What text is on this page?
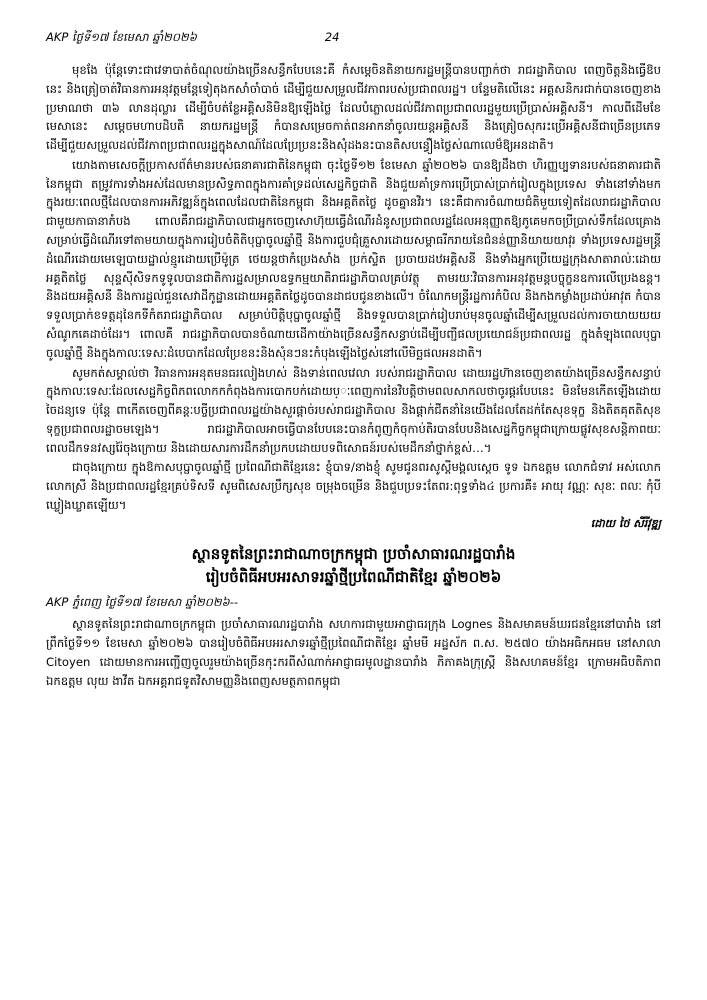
AKP ថ្ងៃទី១៧ ខែមេសា ឆ្នាំ២០២៦	24

មុខងែ ប៉ុន្ដែទោះជាវេទាបាត់ចំណុលយ៉ាងច្រើនសន្ធឹកបែបនេះគឺ កំសម្ដេចិនតិនាយករដ្ឋមន្ដ្រីបានបញ្ជាក់ថា រាជរដ្ឋាភិបាល ពេញចិត្ដនិងធ្វើឱបនេះ និងត្រៀចាត់វិធានការអនុវត្ដមន្ដែទៀតុងកសាំចាំបាច់ ដើម្បីជួយសម្រួលជីវភាពរបស់ប្រជាពលរដ្ឋ។ បន្ទែមតិលើនេះ អគ្គសនិករជាក់បានចេញខាងប្រមាណថា ៣៦ លានដុល្លារ ដើម្បីចំបត់ខ្លែអគ្គិសនិមិនឱ្យឡើងថ្លៃ ដែលបំភ្លោលដល់ជីវភាពប្រជាពលរដ្ឋមួយប្រើប្រាស់អគ្គិសនី។ កាលពីដើមខែមេសានេះ សម្ដេចមហាបដិបតិ នាយករដ្ឋមន្ដ្រី កំបានសម្រេចកាត់ពនអាកនាំចូលរយន្ដអគ្គិសនី និងត្រៀចសុករះប្រើអគ្គិសនីជាច្រើនប្រភេទ ដើម្បីជួយសម្រួលដល់ជីវភាពប្រជាពលរដ្ឋក្នុងសាណ៍ដែលប្រែប្រនះនិងសុំដងនះបានតិសបន្ធឿងថ្លៃស់ណាលេម៏ឱ្យអនដាតិ។

យោងតាមសេចក្ដីប្រកាសព័ត៌មានរបស់ធនាគារជាតិនៃកម្ពុជា ចុះថ្ងៃទី១២ ខែមេសា ឆ្នាំ២០២៦ បានឱ្យដឹងថា ហិរញ្ញប្បទានរបស់ធនាគារជាតិនៃកម្ពុជា តម្រូវការទាំងអស់ដែលមានប្រសិទ្ធភាពក្នុងការគាំទ្រដល់សេដ្ឋកិច្ចជាតិ និងជួយគាំទ្រការប្រើប្រាស់ប្រាក់រៀលក្នុងប្រទេស ទាំងនៅទាំងមក ក្នុងរយៈពេលថ្មីដែលបានការអភិវឌ្ឍន៍ក្នុងពេលដែលជាតិនៃកម្ពុជា និងអគ្គតិតថ្លៃ ដូចគ្នានវិរ។ នេះគឺជាការចំណាយជំតិមួយទៀតដែលរាជរដ្ឋាភិបាលជាមួយកាធានាភំបង ពោលគឺរាជរដ្ឋាភិបាលជាអ្នកចេញសោហ៊ុយធ្វើដំណើរដំនូសប្រជាពលរដ្ឋដែលអនុញ្ញាតឱ្យភូគេមកចប្រីប្រាស់ទឹកដែលគ្រោងសម្រាប់ធ្វើដំណើរទៅតាមយាយក្នុងការរៀបចំតិតិបុប្ផាចូលឆ្នាំថ្មី និងការជួបជុំគ្រួសារដោយសម្ពាធរីករាយនៃជំនន់ញ្ញានិយាយយាវុរ ទាំងប្រទេសរដ្ឋមន្ដ្រីដំណើរដោយមេឡេបាយដ្ឋាល់ខ្មូរដោយប្រើម៉ូត្រ ថេយន្ដថាកំប្រេងសាំង ប្រក់ស្ទិត ប្រចាយដឋអគ្គិសនី និងទាំងអ្នកប្រើយេដ្ឋក្រុងសាតារាល់ៈដោយអគ្គតិតថ្លៃ សុន្ទស៊ីសិទកទូទូលបានជាតិការដ្ឋសម្រាលឧទ្ធកម្មយាតិរាជរដ្ឋាភិបាលគ្រប់វត្ថុ តាមរយៈវិធានការអនុវត្ដមន្ដបច្ចុក្ខនឧការលើប្រេងឧន្ដ។ និងដយអគ្គិសនី និងការដ្ឋល់ជួនសេវាដីកូដ្ឋានដោយអគ្គតិតថ្លៃដូចបានដាជបជូនខាងលើ។ ចំណែកមន្ដ្រីរដ្ឋការកំបិល និងកងកម្លាំងប្រដាប់អាវុត កំបានទទួលប្រាក់ខទត្តដុនៃកទីកំតរាជរដ្ឋាភិបាល សម្រាប់បិត្ដិបុប្ផាចូលឆ្នាំថ្មី និងទទួលបានប្រាក់រៀបរាប់មុនចូលឆ្នាំដើម្បីសម្រួលដល់ការចាយាយយយសំណូកគេដាច់ដែរ។ ពោលគឺ រាជរដ្ឋាភិបាលបានចំណាយដើកាយ៉ាងច្រើនសន្ធឹកសន្ធាប់ដើម្បីបញ្ជីផលប្រយោជន៍ប្រជាពលរដ្ឋ ក្នុងតំឡុងពេលបុប្ផាចូលឆ្នាំថ្មី និងក្នុងកាលៈទេសៈដំបេបាកដែលប្រែខនះនិងសុំនៗនះកំបុងឡើងថ្លៃស់នៅលើមិច្ឆផលអនដាតិ។

សូមកត់សម្គាល់ថា វិធានការអនុតមនធរលៀងហស់ និងទាន់ពេលវេលា របស់រាជរដ្ឋាភិបាល ដោយរដ្ឋហ៊ានចេញខាតយ៉ាងច្រើនសន្ធឹកសន្ធាប់ក្នុងកាលៈទេសៈដែលសេដ្ឋកិច្ចពិភពលោកកកំពុងងការបោកបក់ដោយប្ៈពេញការនៃវិបត្ដិថាមពលសាកលថាចូរផ្ដរបែបនេះ មិនមែនកើតឡើងដោយចៃដន្យទេ ប៉ុន្ដែ ពាកើតចេញពីគន្ដៈបច្ចីប្រជាពលរដ្ឋយ៉ាងសួរផ្ដាច់របស់រាជរដ្ឋាភិបាល និងផ្ដាក់ជីតនាំនៃយើងដែលតែដក់តែសុខទុក្ខ និងតិតគុតតិសុខទុក្ខប្រជាពលរដ្ឋាចមឡេង។ រាជរដ្ឋាភិបាលអាចធ្វើបានបែបនេះបានកំពូញកំចុកាប់តិរបានបែបនិងសេដ្ឋកិច្ចកម្ពុជាក្រោយផ្លូវសុខសន្ដិភាពយៈពេលដឹកទនវស្សរ៉ៃចុងក្រោយ និងដោយសារការដឹកនាំប្រកបដោយបទពិសោធន៍របស់មេដឹកនាំថ្នាក់ខ្ពស់…។

ជាចុងក្រោយ ក្នុងឱកាសបុប្ផាចូលឆ្នាំថ្មី ប្រពៃណីជាតិខ្មែរនេះ ខ្ញុំបាទ/នាងខ្ញុំ សូមជូនពរសូស្ដីមង្គលស្ដេច ទូទ ឯកឧត្ដម លោកជំទាវ អស់លោក លោកស្រី និងប្រជាពលរដ្ឋខ្មែរគ្រប់ទិសទី សូមពិសេសប្រឹក្សសុខ ចម្រុងចម្រើន និងជួបប្រទះតែពរ:ពុទ្ធទាំង៤ ប្រការគឺ៖ អាយុ វណ្ណៈ សុខៈ ពលៈ កុំបីឃ្លៀងឃ្លាតឡើយ។

ដោយ ថៃ សីរីវុឌ្ឍ
ស្ថានទូតនៃព្រះរាជាណាចក្រកម្ពុជា ប្រចាំសាធារណរដ្ឋបារាំង
រៀបចំពិធីអបអរសាទរឆ្នាំថ្មីប្រពៃណីជាតិខ្មែរ ឆ្នាំ២០២៦
AKP ភ្នំពេញ ថ្ងៃទី១៧ ខែមេសា ឆ្នាំ២០២៦--

ស្ថានទូតនៃព្រះរាជាណាចក្រកម្ពុជា ប្រចាំសាធារណរដ្ឋបារាំង សហការជាមួយអាជ្ញាធរក្រុង Lognes និងសមាគមន៍ឃរជនខ្មែរនៅបារាំង នៅព្រឹកថ្ងៃទី១១ ខែមេសា ឆ្នាំ២០២៦ បានរៀបចំពិធីអបអរសាទរឆ្នាំថ្មីប្រពៃណីជាតិខ្មែរ ឆ្នាំមមី អដ្ឋស័ក ព.ស. ២៥៧០ យ៉ាងអធិកអធម នៅសាលា Citoyen ដោយមានការអញ្ជើញចូលរួមយ៉ាងច្រើនកុះករពីសំណាក់អាជ្ញាធរមូលដ្ឋានបារាំង ភិភាគងក្រុស្ដ្រី និងសហគមន៍ខ្មែរ ក្រោមអធិបតិភាព ឯកឧត្ដម លុយ ងាវីត ឯកអគ្គរាជទូតវិសាមញ្ញនិងពេញសមត្ថភាពកម្ពុជា
